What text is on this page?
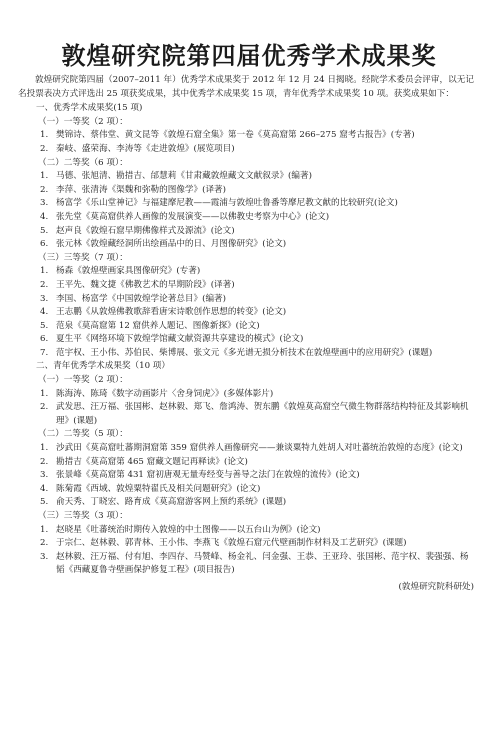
敦煌研究院第四届优秀学术成果奖

敦煌研究院第四届（2007–2011 年）优秀学术成果奖于 2012 年 12 月 24 日揭晓。经院学术委员会评审，以无记名投票表决方式评选出 25 项获奖成果，其中优秀学术成果奖 15 项，青年优秀学术成果奖 10 项。获奖成果如下：

一、优秀学术成果奖(15 项)
（一）一等奖（2 项）：
1. 樊锦诗、蔡伟堂、黄文昆等《敦煌石窟全集》第一卷《莫高窟第 266–275 窟考古报告》(专著)
2. 秦岐、盛荣海、李涛等《走进敦煌》(展览项目)
（二）二等奖（6 项）：
1. 马德、张旭清、勘措吉、邰慧莉《甘肃藏敦煌藏文文献叙录》(编著)
2. 李萍、张清涛《渠魏和弥勒的图像学》(译著)
3. 杨富学《乐山堂神记》与福建摩尼教——霞浦与敦煌吐鲁番等摩尼教文献的比较研究(论文)
4. 张先堂《莫高窟供养人画像的发展演变——以佛教史考察为中心》(论文)
5. 赵声良《敦煌石窟早期佛像样式及源流》(论文)
6. 张元林《敦煌藏经洞所出绘画品中的日、月图像研究》(论文)
（三）三等奖（7 项）：
1. 杨森《敦煌壁画家具图像研究》(专著)
2. 王平先、魏文捷《佛教艺术的早期阶段》(译著)
3. 李国、杨富学《中国敦煌学论著总目》(编著)
4. 王志鹏《从敦煌佛教歌辞看唐宋诗歌创作思想的转变》(论文)
5. 范泉《莫高窟第 12 窟供养人题记、图像新探》(论文)
6. 夏生平《网络环境下敦煌学馆藏文献资源共享建设的模式》(论文)
7. 范宇权、王小伟、苏伯民、柴博展、张文元《多光谱无损分析技术在敦煌壁画中的应用研究》(课题)
二、青年优秀学术成果奖（10 项）
（一）一等奖（2 项）：
1. 陈海涛、陈琦《数字动画影片〈舍身饲虎〉》(多媒体影片)
2. 武发思、汪万福、张国彬、赵林毅、郑飞、詹鸿涛、贺东鹏《敦煌莫高窟空气微生物群落结构特征及其影响机理》(课题)
（二）二等奖（5 项）：
1. 沙武田《莫高窟吐蕃期洞窟第 359 窟供养人画像研究——兼谈粟特九姓胡人对吐蕃统治敦煌的态度》(论文)
2. 勘措吉《莫高窟第 465 窟藏文题记再释读》(论文)
3. 张景峰《莫高窟第 431 窟初唐观无量寿经变与善导之法门在敦煌的流传》(论文)
4. 陈菊霞《西域、敦煌粟特翟氏及相关问题研究》(论文)
5. 俞天秀、丁晓宏、路育成《莫高窟游客网上预约系统》(课题)
（三）三等奖（3 项）：
1. 赵晓星《吐蕃统治时期传入敦煌的中土图像——以五台山为例》(论文)
2. 于宗仁、赵林毅、郭青林、王小伟、李燕飞《敦煌石窟元代壁画制作材料及工艺研究》(课题)
3. 赵林毅、汪万福、付有旭、李四存、马赞峰、杨金礼、闫金强、王恭、王亚玲、张国彬、范宇权、裴强强、杨韬《西藏夏鲁寺壁画保护修复工程》(项目报告)
(敦煌研究院科研处)
